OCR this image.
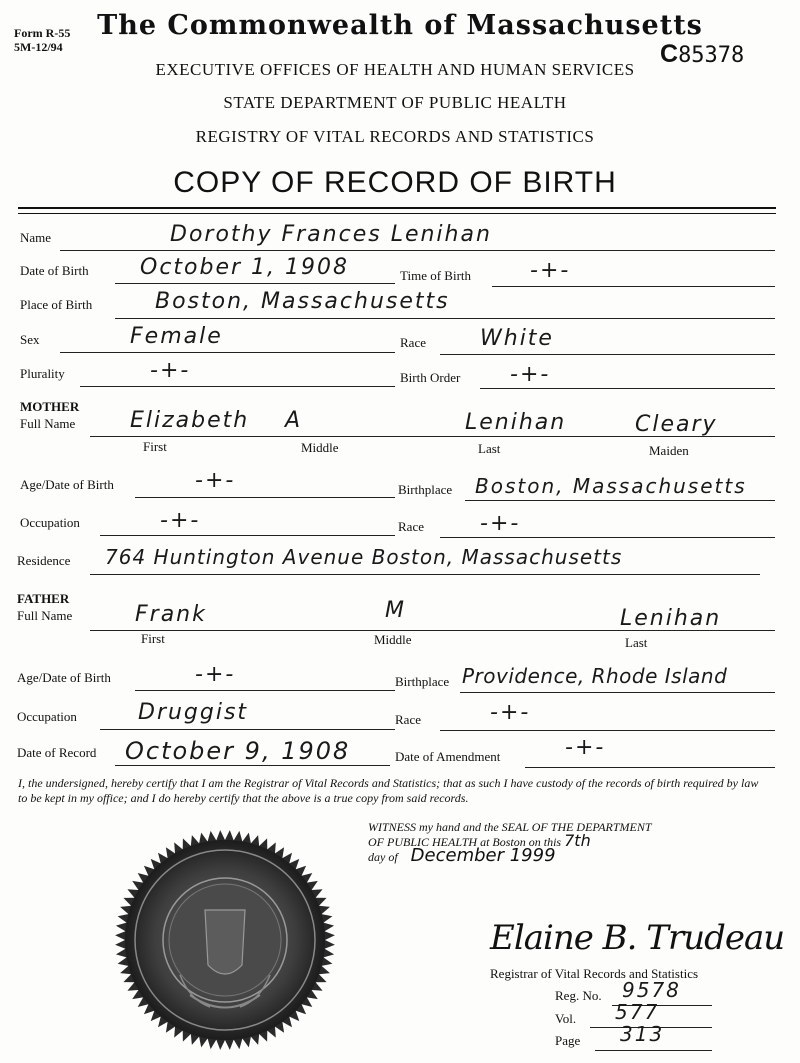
Form R-55
5M-12/94
The Commonwealth of Massachusetts
EXECUTIVE OFFICES OF HEALTH AND HUMAN SERVICES
STATE DEPARTMENT OF PUBLIC HEALTH
REGISTRY OF VITAL RECORDS AND STATISTICS
COPY OF RECORD OF BIRTH
C85378
Name	Dorothy Frances Lenihan
Date of Birth October 1, 1908	Time of Birth	-+-
Place of Birth	Boston, Massachusetts
Sex	Female	Race White
Plurality	-+-	Birth Order -+-
MOTHER
Full Name Elizabeth A	Lenihan	Cleary
First	Middle	Last	Maiden
Age/Date of Birth	-+-	Birthplace Boston, Massachusetts
Occupation	-+-	Race	-+-
Residence 764 Huntington Avenue Boston, Massachusetts
FATHER
Full Name	Frank	M	Lenihan
First	Middle	Last
Age/Date of Birth	-+-	Birthplace Providence, Rhode Island
Occupation	Druggist	Race	-+-
Date of Record October 9, 1908	Date of Amendment	-+-
I, the undersigned, hereby certify that I am the Registrar of Vital Records and Statistics; that as such I have custody of the records of birth required by law to be kept in my office; and I do hereby certify that the above is a true copy from said records.
WITNESS my hand and the SEAL OF THE DEPARTMENT
OF PUBLIC HEALTH at Boston on this 7th
day of December 1999
Elaine B. Trudeau
Registrar of Vital Records and Statistics
Reg. No. 9578
Vol. 577
Page 313
